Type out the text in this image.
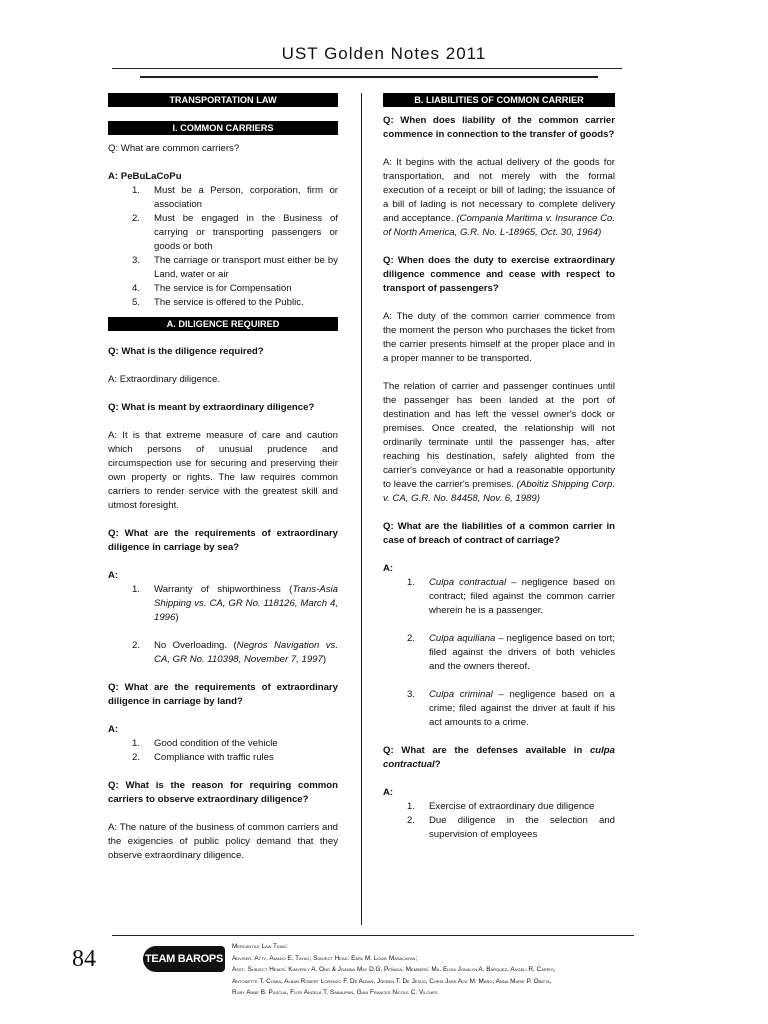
UST Golden Notes 2011
TRANSPORTATION LAW
I. COMMON CARRIERS

Q: What are common carriers?

A: PeBuLaCoPu

1. Must be a Person, corporation, firm or association
2. Must be engaged in the Business of carrying or transporting passengers or goods or both
3. The carriage or transport must either be by Land, water or air
4. The service is for Compensation
5. The service is offered to the Public.
A. DILIGENCE REQUIRED

Q: What is the diligence required?

A: Extraordinary diligence.

Q: What is meant by extraordinary diligence?

A: It is that extreme measure of care and caution which persons of unusual prudence and circumspection use for securing and preserving their own property or rights. The law requires common carriers to render service with the greatest skill and utmost foresight.

Q: What are the requirements of extraordinary diligence in carriage by sea?

A:

1. Warranty of shipworthiness (Trans-Asia Shipping vs. CA, GR No. 118126, March 4, 1996)
2. No Overloading. (Negros Navigation vs. CA, GR No. 110398, November 7, 1997)

Q: What are the requirements of extraordinary diligence in carriage by land?

A:

1. Good condition of the vehicle
2. Compliance with traffic rules

Q: What is the reason for requiring common carriers to observe extraordinary diligence?

A: The nature of the business of common carriers and the exigencies of public policy demand that they observe extraordinary diligence.

B. LIABILITIES OF COMMON CARRIER

Q: When does liability of the common carrier commence in connection to the transfer of goods?

A: It begins with the actual delivery of the goods for transportation, and not merely with the formal execution of a receipt or bill of lading; the issuance of a bill of lading is not necessary to complete delivery and acceptance. (Compania Maritima v. Insurance Co. of North America, G.R. No. L-18965, Oct. 30, 1964)

Q: When does the duty to exercise extraordinary diligence commence and cease with respect to transport of passengers?

A: The duty of the common carrier commence from the moment the person who purchases the ticket from the carrier presents himself at the proper place and in a proper manner to be transported.

The relation of carrier and passenger continues until the passenger has been landed at the port of destination and has left the vessel owner's dock or premises. Once created, the relationship will not ordinarily terminate until the passenger has, after reaching his destination, safely alighted from the carrier's conveyance or had a reasonable opportunity to leave the carrier's premises. (Aboitiz Shipping Corp. v. CA, G.R. No. 84458, Nov. 6, 1989)

Q: What are the liabilities of a common carrier in case of breach of contract of carriage?

A:

1. Culpa contractual – negligence based on contract; filed against the common carrier wherein he is a passenger.
2. Culpa aquiliana – negligence based on tort; filed against the drivers of both vehicles and the owners thereof.
3. Culpa criminal – negligence based on a crime; filed against the driver at fault if his act amounts to a crime.

Q: What are the defenses available in culpa contractual?

A:

1. Exercise of extraordinary due diligence
2. Due diligence in the selection and supervision of employees
84	TEAM BAROPS
Mercantile Law Team:
Adviser: Atty. Amado E. Tayag; Subject Head: Earl M. Louie Masacayan;
Asst. Subject Heads: Kimverly A. Ong & Joanna May D.G. Peñada; Members: Ma. Elisa Jonalyn A. Barquez, Angeli R. Carpio,
Antonette T. Comia, Alban Robert Lorenzo F. De Alban, Joeben T. De Jesus, Chris Jark Ace M. Maño, Anna Marie P. Obieta,
Ruby Anne B. Pascua, Flor Angela T. Sabaupan, Gian Frances Nicole C. Vilches
